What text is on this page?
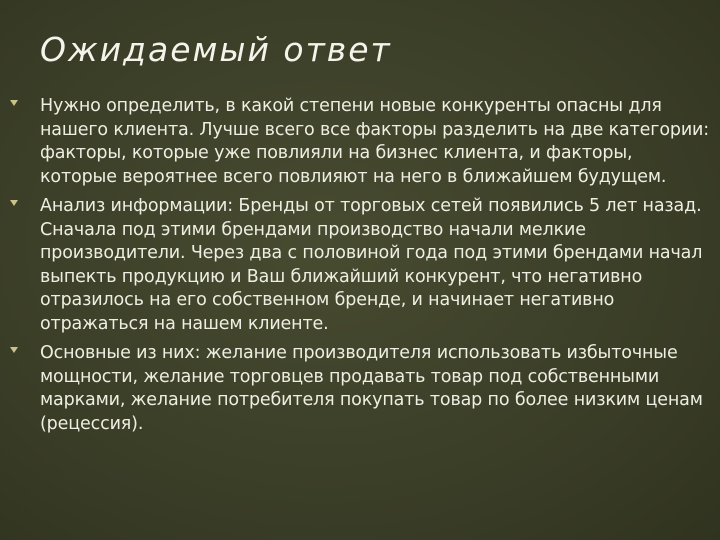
Ожидаемый ответ
Нужно определить, в какой степени новые конкуренты опасны для нашего клиента. Лучше всего все факторы разделить на две категории: факторы, которые уже повлияли на бизнес клиента, и факторы, которые вероятнее всего повлияют на него в ближайшем будущем.
Анализ информации: Бренды от торговых сетей появились 5 лет назад. Сначала под этими брендами производство начали мелкие производители. Через два с половиной года под этими брендами начал выпекть продукцию и Ваш ближайший конкурент, что негативно отразилось на его собственном бренде, и начинает негативно отражаться на нашем клиенте.
Основные из них: желание производителя использовать избыточные мощности, желание торговцев продавать товар под собственными марками, желание потребителя покупать товар по более низким ценам (рецессия).
